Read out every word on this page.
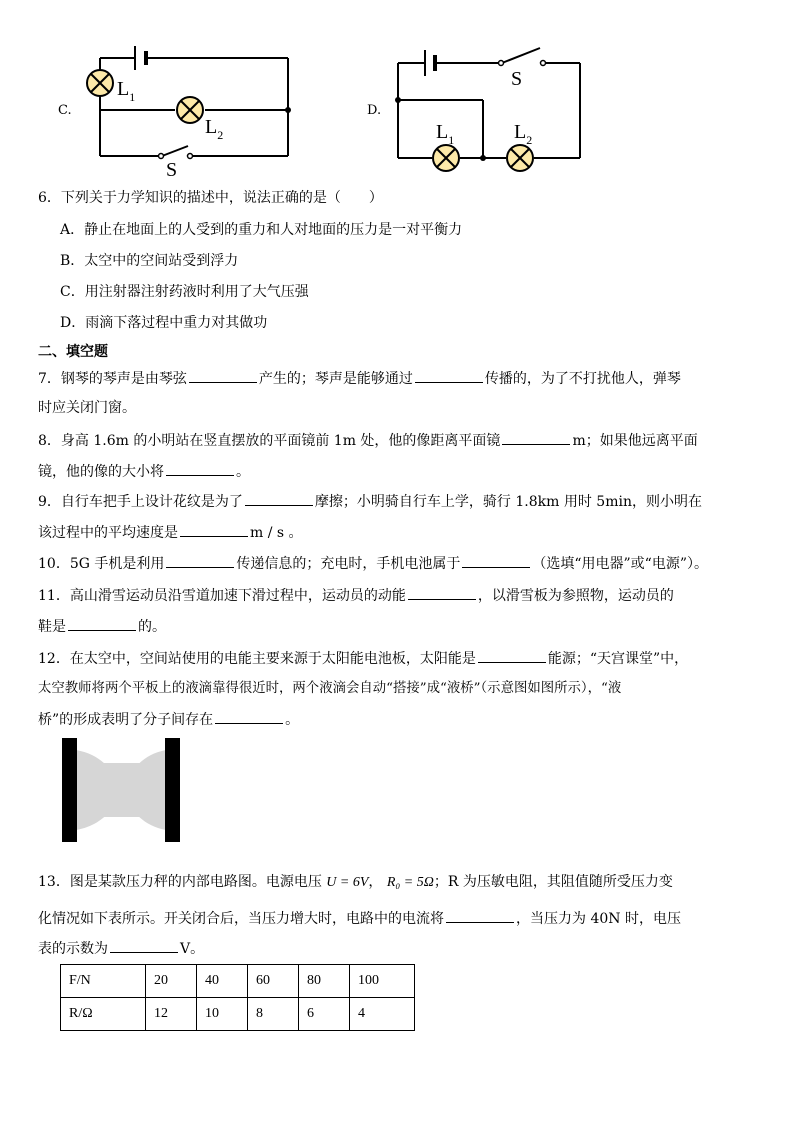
C.
$L_1$
$L_2$
S
D.
$L_1$	$L_2$
S
6．下列关于力学知识的描述中，说法正确的是（　　）
A．静止在地面上的人受到的重力和人对地面的压力是一对平衡力
B．太空中的空间站受到浮力
C．用注射器注射药液时利用了大气压强
D．雨滴下落过程中重力对其做功
二、填空题
7．钢琴的琴声是由琴弦	产生的；琴声是能够通过	传播的，为了不打扰他人，弹琴
时应关闭门窗。
8．身高 1.6m 的小明站在竖直摆放的平面镜前 1m 处，他的像距离平面镜	m；如果他远离平面
镜，他的像的大小将	。
9．自行车把手上设计花纹是为了	摩擦；小明骑自行车上学，骑行 1.8km 用时 5min，则小明在
该过程中的平均速度是	m / s 。
10．5G 手机是利用	传递信息的；充电时，手机电池属于	（选填“用电器”或“电源”）。
11．高山滑雪运动员沿雪道加速下滑过程中，运动员的动能	，以滑雪板为参照物，运动员的
鞋是	的。
12．在太空中，空间站使用的电能主要来源于太阳能电池板，太阳能是	能源；“天宫课堂”中，
太空教师将两个平板上的液滴靠得很近时，两个液滴会自动“搭接”成“液桥”（示意图如图所示），“液
桥”的形成表明了分子间存在	。
13．图是某款压力秤的内部电路图。电源电压 U = 6V， R₀ = 5Ω；R 为压敏电阻，其阻值随所受压力变
化情况如下表所示。开关闭合后，当压力增大时，电路中的电流将	，当压力为 40N 时，电压
表的示数为	V。
F/N	20	40	60	80	100
R/Ω	12	10	8	6	4
